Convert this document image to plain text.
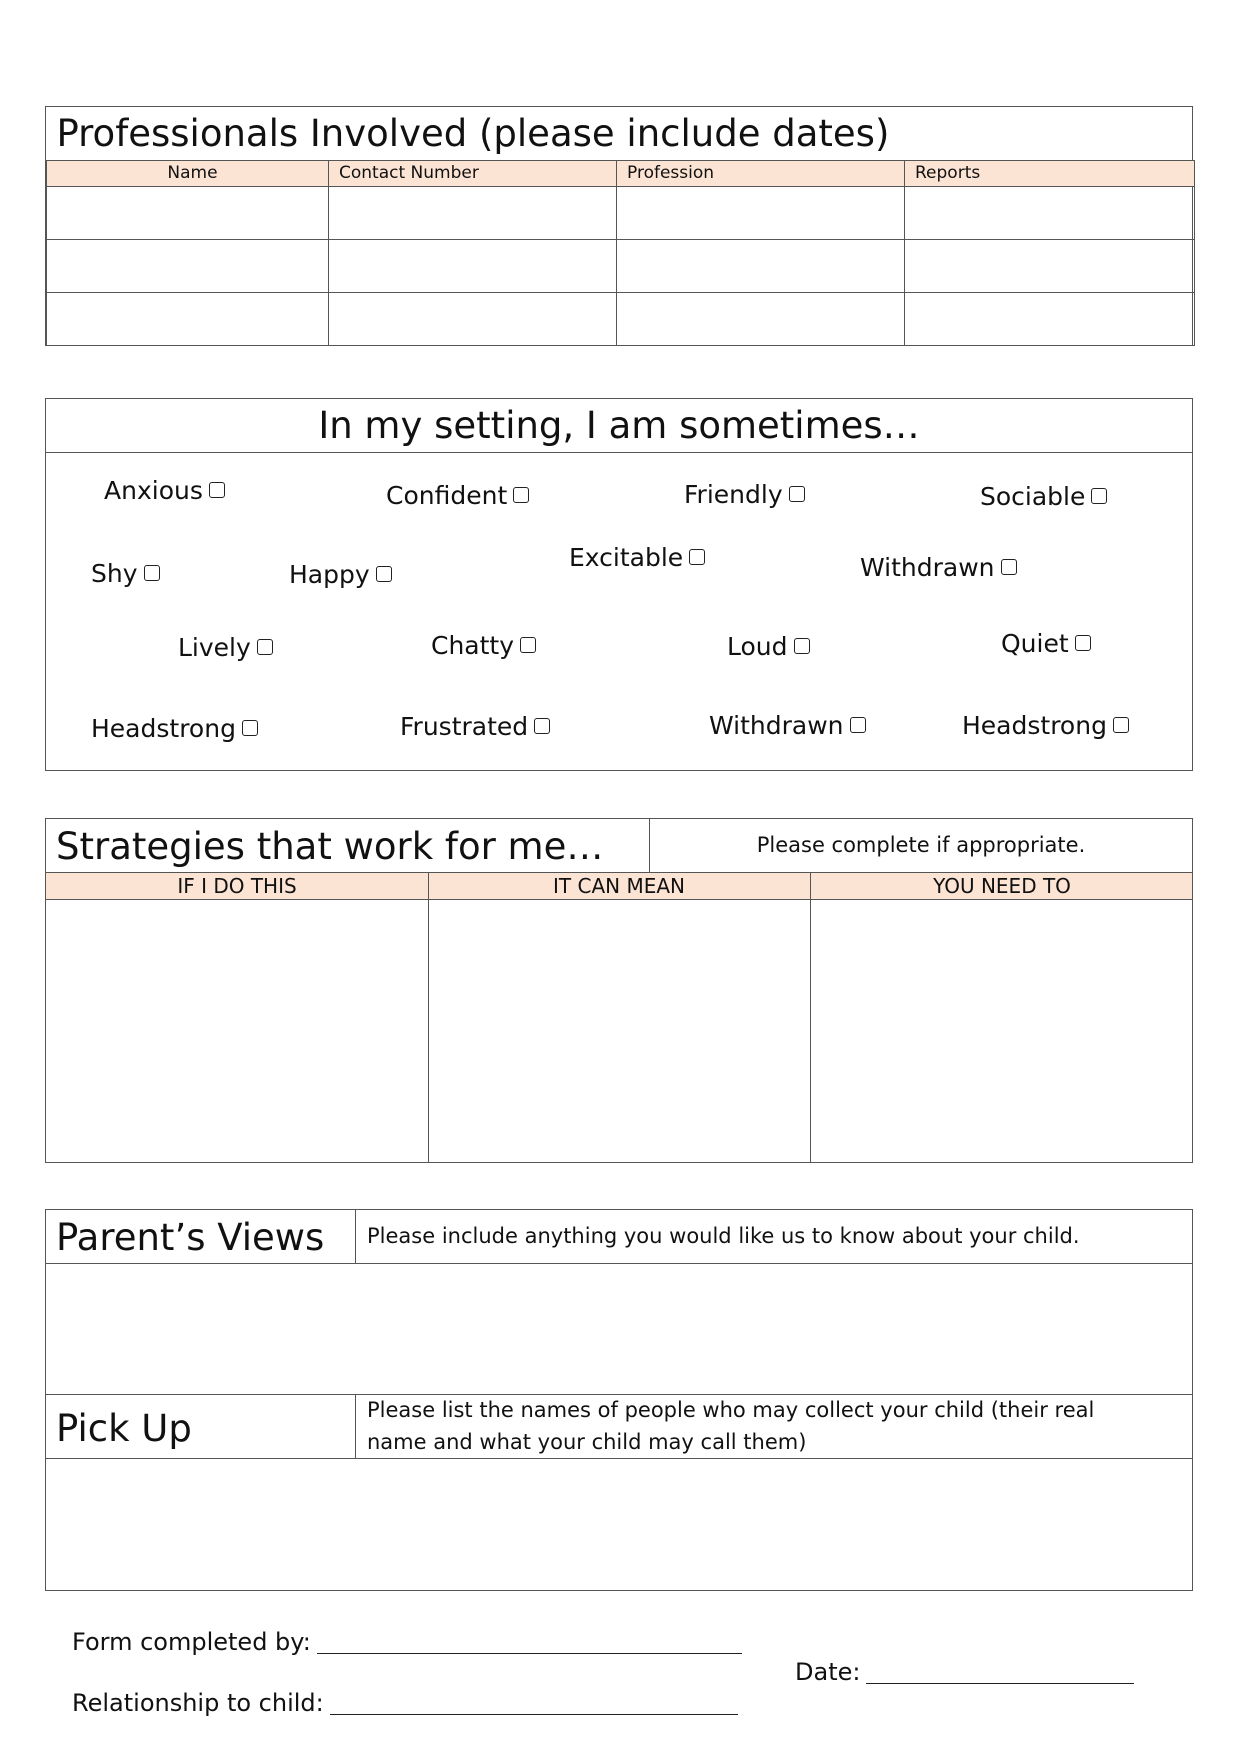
Professionals Involved (please include dates)			
Name	Contact Number	Profession	Reports

In my setting, I am sometimes…
Anxious	Confident	Friendly	Sociable
Shy	Happy
Excitable	Withdrawn
Lively	Chatty	Loud	Quiet
Headstrong	Frustrated	Withdrawn	Headstrong
Strategies that work for me…	Please complete if appropriate.
IF I DO THIS	IT CAN MEAN	YOU NEED TO
Parent’s Views Please include anything you would like us to know about your child.
Pick Up	Please list the names of people who may collect your child (their real
name and what your child may call them)
Form completed by:
Relationship to child:
Date:
